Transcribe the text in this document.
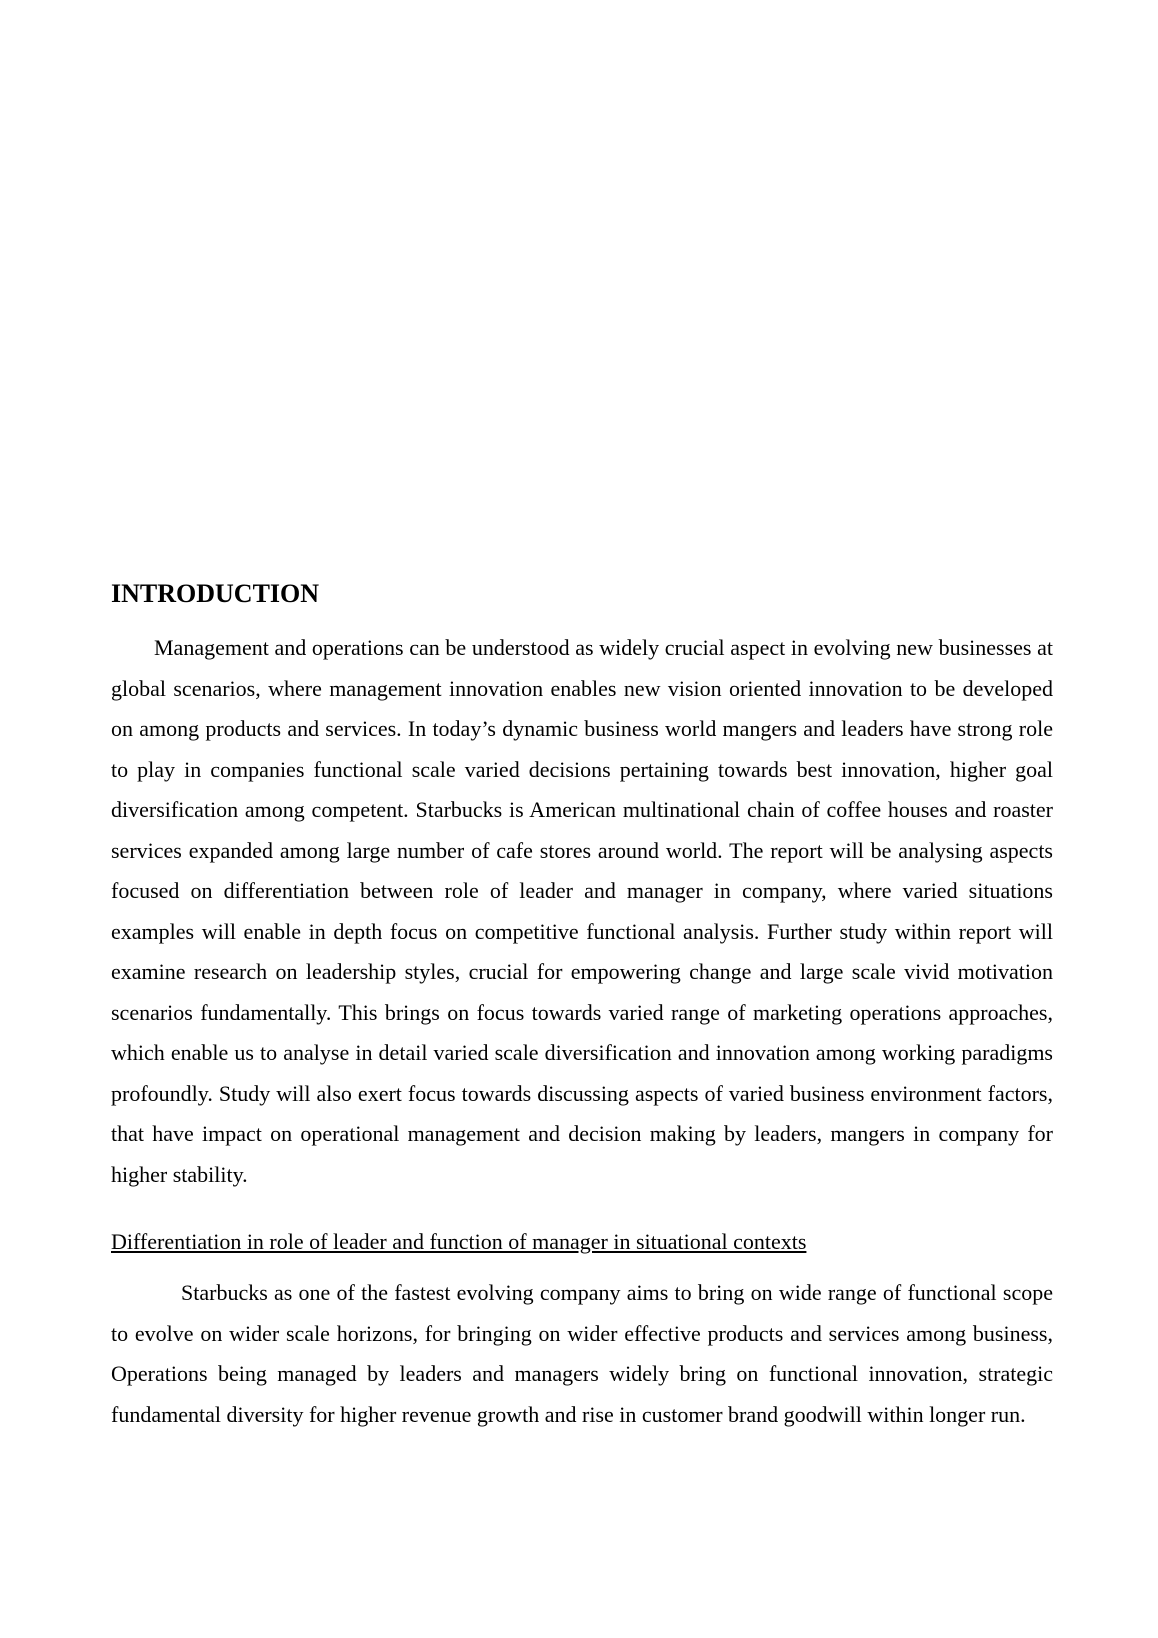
INTRODUCTION

Management and operations can be understood as widely crucial aspect in evolving new businesses at global scenarios, where management innovation enables new vision oriented innovation to be developed on among products and services. In today’s dynamic business world mangers and leaders have strong role to play in companies functional scale varied decisions pertaining towards best innovation, higher goal diversification among competent. Starbucks is American multinational chain of coffee houses and roaster services expanded among large number of cafe stores around world. The report will be analysing aspects focused on differentiation between role of leader and manager in company, where varied situations examples will enable in depth focus on competitive functional analysis. Further study within report will examine research on leadership styles, crucial for empowering change and large scale vivid motivation scenarios fundamentally. This brings on focus towards varied range of marketing operations approaches, which enable us to analyse in detail varied scale diversification and innovation among working paradigms profoundly. Study will also exert focus towards discussing aspects of varied business environment factors, that have impact on operational management and decision making by leaders, mangers in company for higher stability.

Differentiation in role of leader and function of manager in situational contexts

Starbucks as one of the fastest evolving company aims to bring on wide range of functional scope to evolve on wider scale horizons, for bringing on wider effective products and services among business, Operations being managed by leaders and managers widely bring on functional innovation, strategic fundamental diversity for higher revenue growth and rise in customer brand goodwill within longer run.
